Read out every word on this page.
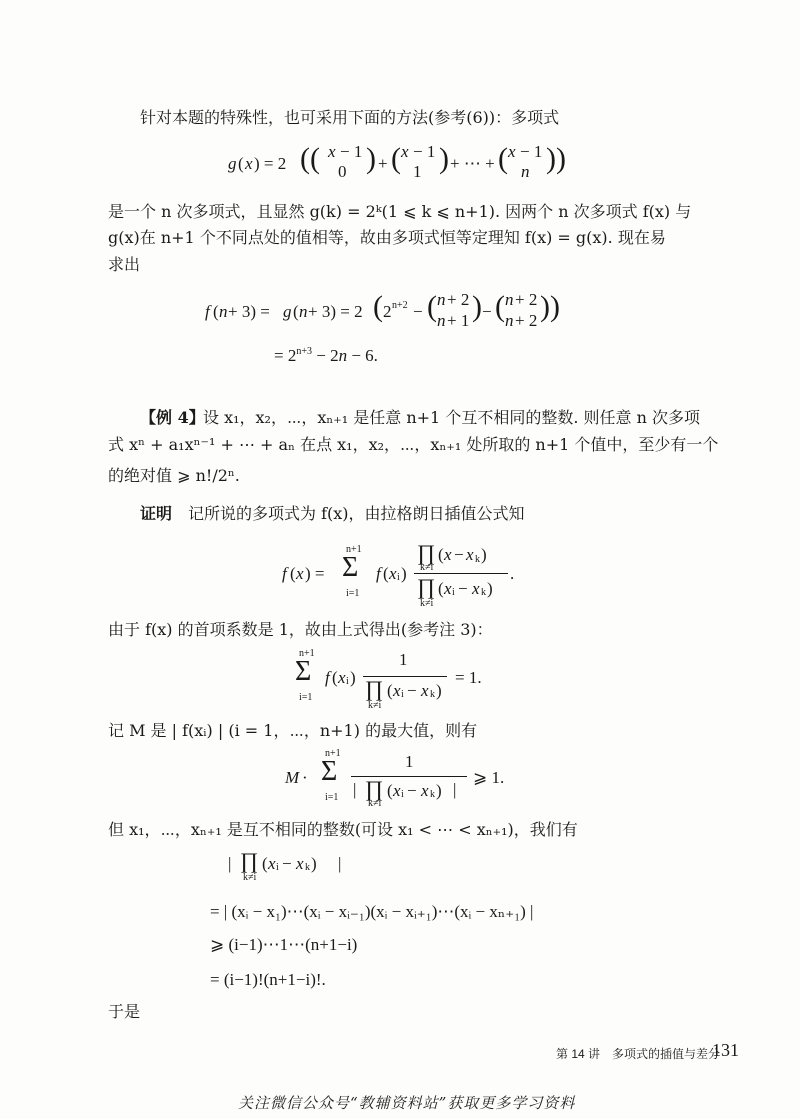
针对本题的特殊性，也可采用下面的方法(参考(6))：多项式
g ( x ) = 2 (( x − 1
0 ) + ( x − 1
1 ) + ⋯ + ( x − 1
n ))
是一个 n 次多项式，且显然 g(k) = 2ᵏ(1 ⩽ k ⩽ n+1). 因两个 n 次多项式 f(x) 与
g(x)在 n+1 个不同点处的值相等，故由多项式恒等定理知 f(x) = g(x). 现在易
求出
f ( n + 3) = g ( n + 3) = 2 ( 2 n+2 − ( n + 2
n + 1 ) − ( n + 2
n + 2 ))
= $2^{n+3} - 2n - 6$.
【例 4】
设 x₁，x₂，⋯，xₙ₊₁ 是任意 n+1 个互不相同的整数. 则任意 n 次多项
式 xⁿ + a₁xⁿ⁻¹ + ⋯ + aₙ 在点 x₁，x₂，⋯，xₙ₊₁ 处所取的 n+1 个值中，至少有一个
的绝对值 ⩾ n!/2ⁿ.
证明 记所说的多项式为 f(x)，由拉格朗日插值公式知
f ( x ) =
n+1
Σ
i=1
f ( x i )
∏ ( x − x k )
k≠i
∏ ( x i − x k )
k≠i
.
由于 f(x) 的首项系数是 1，故由上式得出(参考注 3)：
n+1
Σ
i=1
f ( x i )
1
∏ ( x i − x k )
k≠i
= 1.
记 M 是 | f(xᵢ) | (i = 1，⋯，n+1) 的最大值，则有
M ·
n+1
Σ
i=1
1
| ∏ ( x i − x k ) |
k≠i
⩾ 1.
但 x₁，⋯，xₙ₊₁ 是互不相同的整数(可设 x₁ < ⋯ < xₙ₊₁)，我们有
| ∏ ( x i − x k ) |
k≠i
= | (xᵢ − x₁)⋯(xᵢ − xᵢ₋₁)(xᵢ − xᵢ₊₁)⋯(xᵢ − xₙ₊₁) |
⩾ (i−1)⋯1⋯(n+1−i)
= (i−1)!(n+1−i)!.
于是
第 14 讲　多项式的插值与差分
131
关注微信公众号“教辅资料站”获取更多学习资料
